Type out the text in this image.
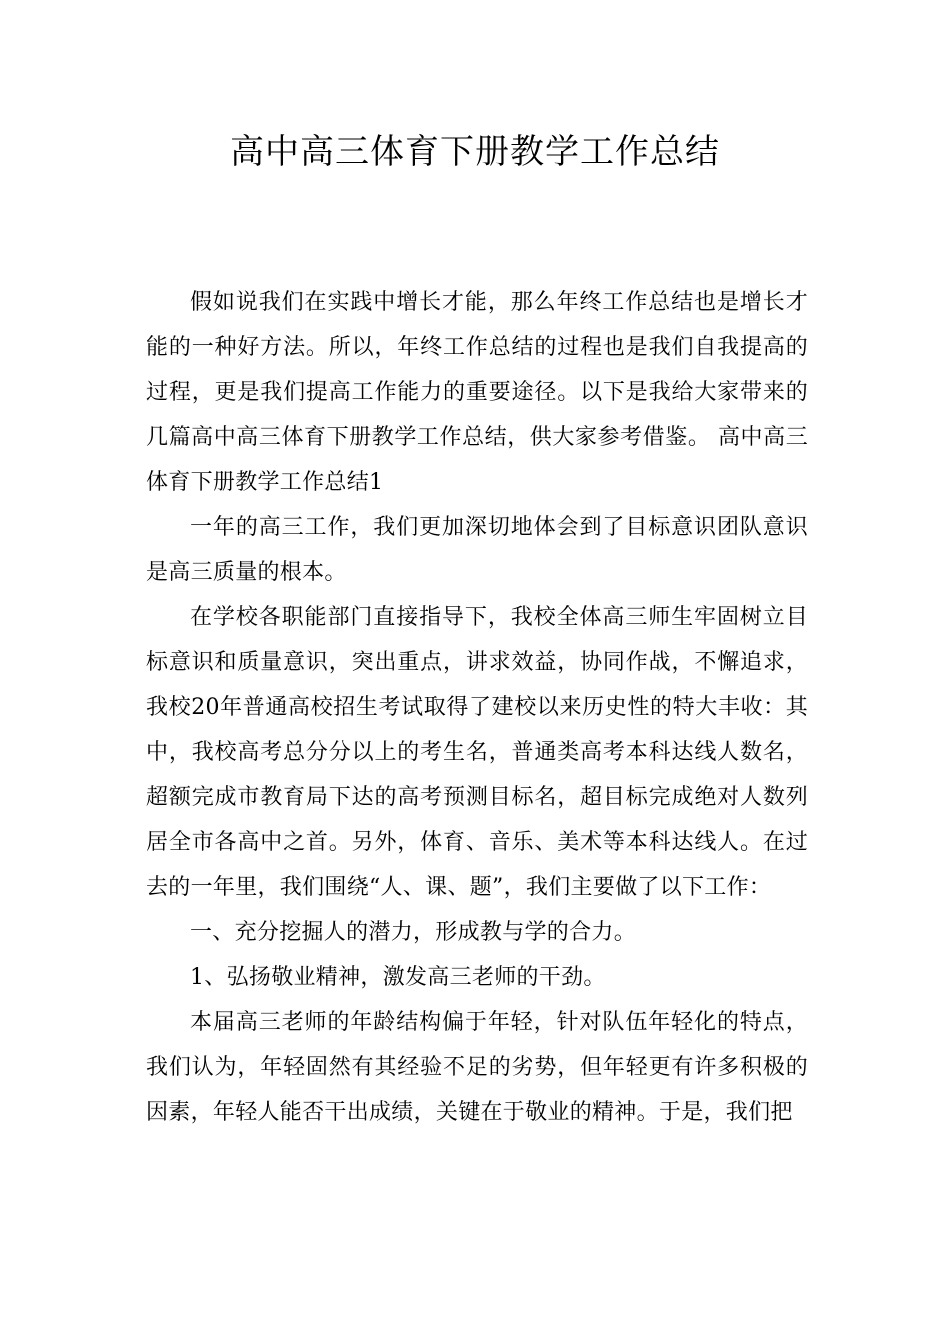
高中高三体育下册教学工作总结

假如说我们在实践中增长才能，那么年终工作总结也是增长才能的一种好方法。所以，年终工作总结的过程也是我们自我提高的过程，更是我们提高工作能力的重要途径。以下是我给大家带来的几篇高中高三体育下册教学工作总结，供大家参考借鉴。 高中高三体育下册教学工作总结1

一年的高三工作，我们更加深切地体会到了目标意识团队意识是高三质量的根本。

在学校各职能部门直接指导下，我校全体高三师生牢固树立目标意识和质量意识，突出重点，讲求效益，协同作战，不懈追求，我校20年普通高校招生考试取得了建校以来历史性的特大丰收：其中，我校高考总分分以上的考生名，普通类高考本科达线人数名，超额完成市教育局下达的高考预测目标名，超目标完成绝对人数列居全市各高中之首。另外，体育、音乐、美术等本科达线人。在过去的一年里，我们围绕“人、课、题”，我们主要做了以下工作：

一、充分挖掘人的潜力，形成教与学的合力。

1、弘扬敬业精神，激发高三老师的干劲。

本届高三老师的年龄结构偏于年轻，针对队伍年轻化的特点，我们认为，年轻固然有其经验不足的劣势，但年轻更有许多积极的因素，年轻人能否干出成绩，关键在于敬业的精神。于是，我们把
